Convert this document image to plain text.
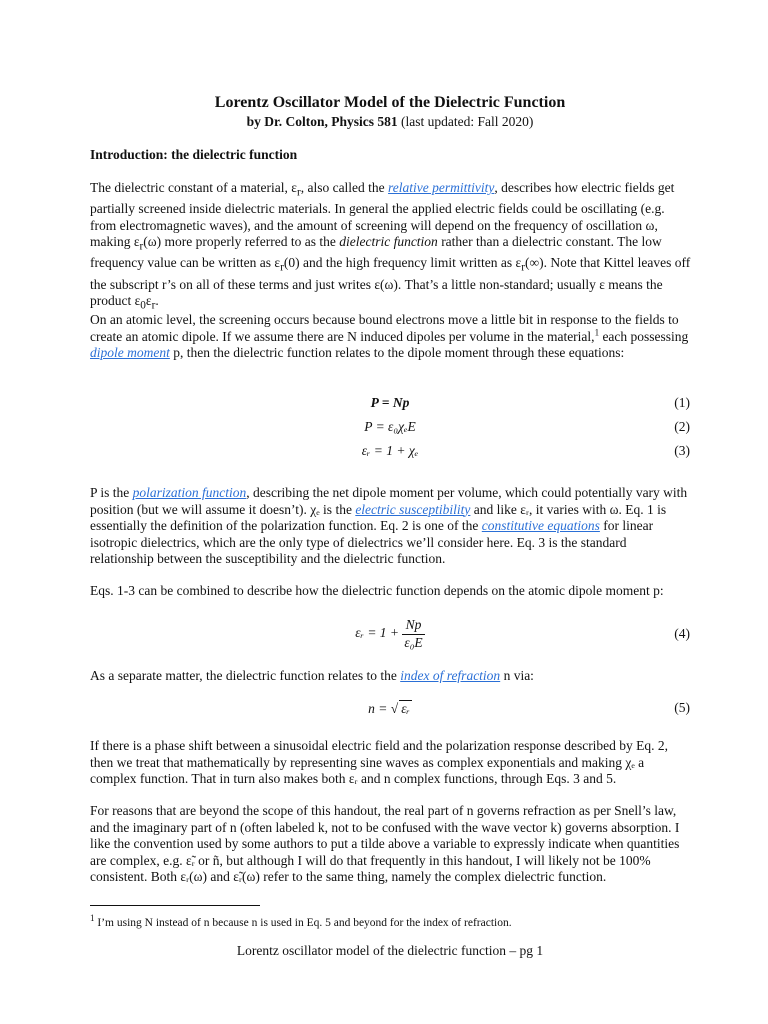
Lorentz Oscillator Model of the Dielectric Function
by Dr. Colton, Physics 581 (last updated: Fall 2020)
Introduction: the dielectric function
The dielectric constant of a material, $\varepsilon_r$, also called the relative permittivity, describes how electric fields get partially screened inside dielectric materials. In general the applied electric fields could be oscillating (e.g. from electromagnetic waves), and the amount of screening will depend on the frequency of oscillation ω, making $\varepsilon_r(\omega)$ more properly referred to as the dielectric function rather than a dielectric constant. The low frequency value can be written as $\varepsilon_r(0)$ and the high frequency limit written as $\varepsilon_r(\infty)$. Note that Kittel leaves off the subscript r’s on all of these terms and just writes ε(ω). That’s a little non-standard; usually ε means the product $\varepsilon_0\varepsilon_r$.
On an atomic level, the screening occurs because bound electrons move a little bit in response to the fields to create an atomic dipole. If we assume there are N induced dipoles per volume in the material,$^1$ each possessing dipole moment p, then the dielectric function relates to the dipole moment through these equations:
P = Np	(1)
P = ε₀χₑE	(2)
εᵣ = 1 + χₑ	(3)
P is the polarization function, describing the net dipole moment per volume, which could potentially vary with position (but we will assume it doesn’t). χₑ is the electric susceptibility and like εᵣ, it varies with ω. Eq. 1 is essentially the definition of the polarization function. Eq. 2 is one of the constitutive equations for linear isotropic dielectrics, which are the only type of dielectrics we’ll consider here. Eq. 3 is the standard relationship between the susceptibility and the dielectric function.
Eqs. 1-3 can be combined to describe how the dielectric function depends on the atomic dipole moment p:
εᵣ = $1 + \frac{Np}{\text{ε₀E}}$	(4)
As a separate matter, the dielectric function relates to the index of refraction n via:
n = √ εᵣ	(5)
If there is a phase shift between a sinusoidal electric field and the polarization response described by Eq. 2, then we treat that mathematically by representing sine waves as complex exponentials and making χₑ a complex function. That in turn also makes both εᵣ and n complex functions, through Eqs. 3 and 5.
For reasons that are beyond the scope of this handout, the real part of n governs refraction as per Snell’s law, and the imaginary part of n (often labeled k, not to be confused with the wave vector k) governs absorption. I like the convention used by some authors to put a tilde above a variable to expressly indicate when quantities are complex, e.g. ε̃ᵣ or ñ, but although I will do that frequently in this handout, I will likely not be 100% consistent. Both εᵣ(ω) and ε̃ᵣ(ω) refer to the same thing, namely the complex dielectric function.
$^1$ I’m using N instead of n because n is used in Eq. 5 and beyond for the index of refraction.
Lorentz oscillator model of the dielectric function – pg 1
